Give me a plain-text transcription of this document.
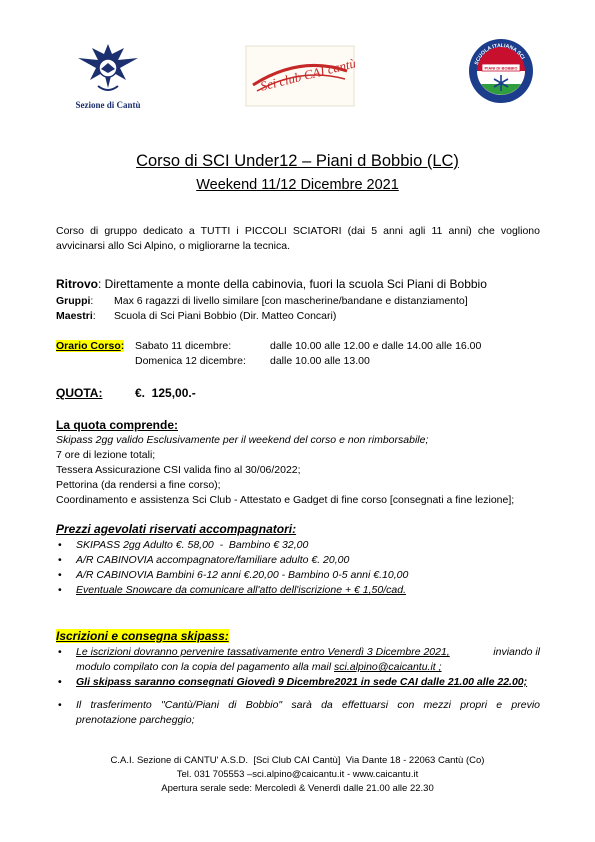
Sezione di Cantù
Sci club CAI cantù	PIANI DI BOBBIO
SCUOLA ITALIANA SCI
Corso di SCI Under12 – Piani d Bobbio (LC)
Weekend 11/12 Dicembre 2021
Corso di gruppo dedicato a TUTTI i PICCOLI SCIATORI (dai 5 anni agli 11 anni) che vogliono
avvicinarsi allo Sci Alpino, o migliorarne la tecnica.
Ritrovo: Direttamente a monte della cabinovia, fuori la scuola Sci Piani di Bobbio
Gruppi: Max 6 ragazzi di livello similare [con mascherine/bandane e distanziamento]
Maestri: Scuola di Sci Piani Bobbio (Dir. Matteo Concari)
Orario Corso: Sabato 11 dicembre:	dalle 10.00 alle 12.00 e dalle 14.00 alle 16.00
Domenica 12 dicembre: dalle 10.00 alle 13.00
QUOTA:	€.  125,00.-
La quota comprende:
Skipass 2gg valido Esclusivamente per il weekend del corso e non rimborsabile;
7 ore di lezione totali;
Tessera Assicurazione CSI valida fino al 30/06/2022;
Pettorina (da rendersi a fine corso);
Coordinamento e assistenza Sci Club - Attestato e Gadget di fine corso [consegnati a fine lezione];
Prezzi agevolati riservati accompagnatori:
• SKIPASS 2gg Adulto €. 58,00  -  Bambino € 32,00
• A/R CABINOVIA accompagnatore/familiare adulto €. 20,00
• A/R CABINOVIA Bambini 6-12 anni €.20,00 - Bambino 0-5 anni €.10,00
• Eventuale Snowcare da comunicare all'atto dell'iscrizione + € 1,50/cad.
Iscrizioni e consegna skipass:
• Le iscrizioni dovranno pervenire tassativamente entro Venerdì 3 Dicembre 2021,	inviando il
modulo compilato con la copia del pagamento alla mail sci.alpino@caicantu.it ;
• Gli skipass saranno consegnati Giovedì 9 Dicembre2021 in sede CAI dalle 21.00 alle 22.00;
• Il trasferimento "Cantù/Piani di Bobbio" sarà da effettuarsi con mezzi propri e previo
prenotazione parcheggio;
C.A.I. Sezione di CANTU' A.S.D.  [Sci Club CAI Cantù]  Via Dante 18 - 22063 Cantù (Co)
Tel. 031 705553 –sci.alpino@caicantu.it - www.caicantu.it
Apertura serale sede: Mercoledì & Venerdì dalle 21.00 alle 22.30
